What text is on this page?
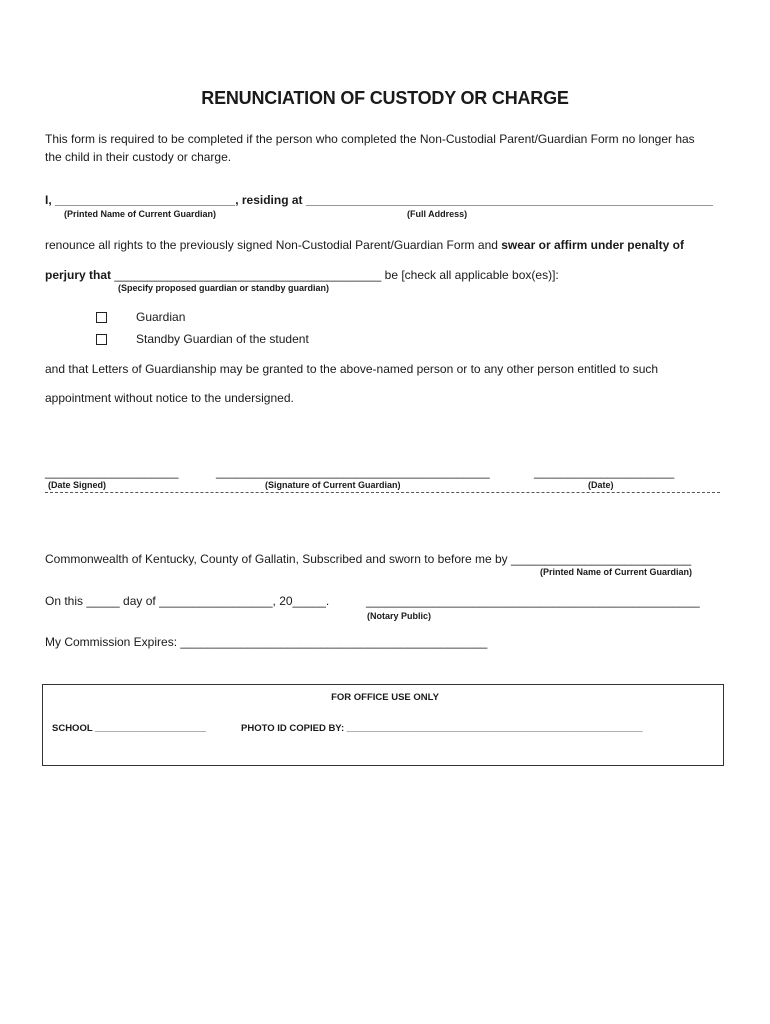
RENUNCIATION OF CUSTODY OR CHARGE
This form is required to be completed if the person who completed the Non-Custodial Parent/Guardian Form no longer has
the child in their custody or charge.
I, ___________________________, residing at _____________________________________________________________
(Printed Name of Current Guardian)	(Full Address)
renounce all rights to the previously signed Non-Custodial Parent/Guardian Form and swear or affirm under penalty of
perjury that ________________________________________ be [check all applicable box(es)]:
(Specify proposed guardian or standby guardian)
Guardian
Standby Guardian of the student
and that Letters of Guardianship may be granted to the above-named person or to any other person entitled to such
appointment without notice to the undersigned.
____________________
(Date Signed)
_________________________________________
(Signature of Current Guardian)
_____________________
(Date)
Commonwealth of Kentucky, County of Gallatin, Subscribed and sworn to before me by ___________________________
(Printed Name of Current Guardian)
On this _____ day of _________________, 20_____.	__________________________________________________
(Notary Public)
My Commission Expires: ______________________________________________
FOR OFFICE USE ONLY
SCHOOL _____________________	PHOTO ID COPIED BY: ________________________________________________________
